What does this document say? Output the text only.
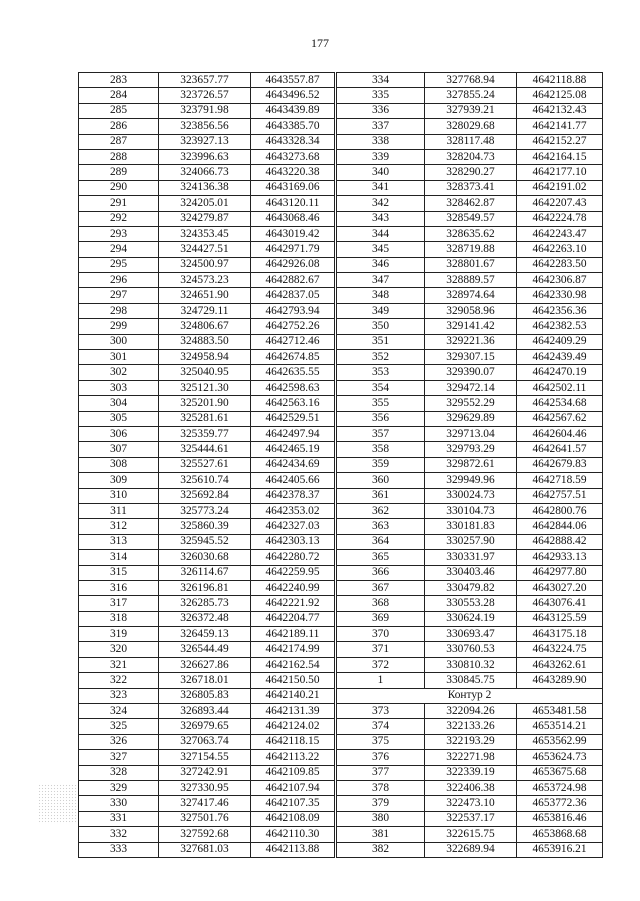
177
283	323657.77	4643557.87
284	323726.57	4643496.52
285	323791.98	4643439.89
286	323856.56	4643385.70
287	323927.13	4643328.34
288	323996.63	4643273.68
289	324066.73	4643220.38
290	324136.38	4643169.06
291	324205.01	4643120.11
292	324279.87	4643068.46
293	324353.45	4643019.42
294	324427.51	4642971.79
295	324500.97	4642926.08
296	324573.23	4642882.67
297	324651.90	4642837.05
298	324729.11	4642793.94
299	324806.67	4642752.26
300	324883.50	4642712.46
301	324958.94	4642674.85
302	325040.95	4642635.55
303	325121.30	4642598.63
304	325201.90	4642563.16
305	325281.61	4642529.51
306	325359.77	4642497.94
307	325444.61	4642465.19
308	325527.61	4642434.69
309	325610.74	4642405.66
310	325692.84	4642378.37
311	325773.24	4642353.02
312	325860.39	4642327.03
313	325945.52	4642303.13
314	326030.68	4642280.72
315	326114.67	4642259.95
316	326196.81	4642240.99
317	326285.73	4642221.92
318	326372.48	4642204.77
319	326459.13	4642189.11
320	326544.49	4642174.99
321	326627.86	4642162.54
322	326718.01	4642150.50
323	326805.83	4642140.21
324	326893.44	4642131.39
325	326979.65	4642124.02
326	327063.74	4642118.15
327	327154.55	4642113.22
328	327242.91	4642109.85
329	327330.95	4642107.94
330	327417.46	4642107.35
331	327501.76	4642108.09
332	327592.68	4642110.30
333	327681.03	4642113.88
334	327768.94	4642118.88
335	327855.24	4642125.08
336	327939.21	4642132.43
337	328029.68	4642141.77
338	328117.48	4642152.27
339	328204.73	4642164.15
340	328290.27	4642177.10
341	328373.41	4642191.02
342	328462.87	4642207.43
343	328549.57	4642224.78
344	328635.62	4642243.47
345	328719.88	4642263.10
346	328801.67	4642283.50
347	328889.57	4642306.87
348	328974.64	4642330.98
349	329058.96	4642356.36
350	329141.42	4642382.53
351	329221.36	4642409.29
352	329307.15	4642439.49
353	329390.07	4642470.19
354	329472.14	4642502.11
355	329552.29	4642534.68
356	329629.89	4642567.62
357	329713.04	4642604.46
358	329793.29	4642641.57
359	329872.61	4642679.83
360	329949.96	4642718.59
361	330024.73	4642757.51
362	330104.73	4642800.76
363	330181.83	4642844.06
364	330257.90	4642888.42
365	330331.97	4642933.13
366	330403.46	4642977.80
367	330479.82	4643027.20
368	330553.28	4643076.41
369	330624.19	4643125.59
370	330693.47	4643175.18
371	330760.53	4643224.75
372	330810.32	4643262.61
1	330845.75	4643289.90
Контур 2		
373	322094.26	4653481.58
374	322133.26	4653514.21
375	322193.29	4653562.99
376	322271.98	4653624.73
377	322339.19	4653675.68
378	322406.38	4653724.98
379	322473.10	4653772.36
380	322537.17	4653816.46
381	322615.75	4653868.68
382	322689.94	4653916.21
